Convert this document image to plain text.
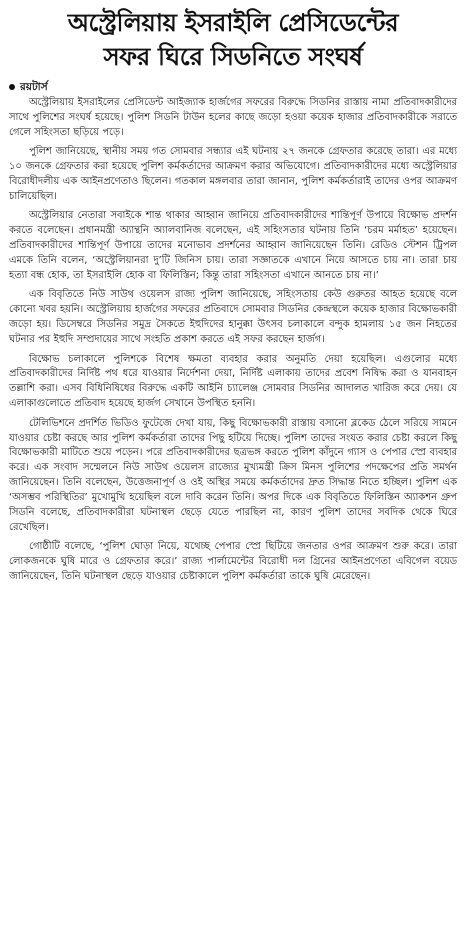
অস্ট্রেলিয়ায় ইসরাইলি প্রেসিডেন্টের
সফর ঘিরে সিডনিতে সংঘর্ষ
রয়টার্স

অস্ট্রেলিয়ায় ইসরাইলের প্রেসিডেন্ট আইজ্যাক হার্জগের সফরের বিরুদ্ধে সিডনির রাস্তায় নামা প্রতিবাদকারীদের সাথে পুলিশের সংঘর্ষ হয়েছে। পুলিশ সিডনি টাউন হলের কাছে জড়ো হওয়া কয়েক হাজার প্রতিবাদকারীকে সরাতে গেলে সহিংসতা ছড়িয়ে পড়ে।

পুলিশ জানিয়েছে, স্থানীয় সময় গত সোমবার সন্ধ্যার এই ঘটনায় ২৭ জনকে গ্রেফতার করেছে তারা। এর মধ্যে ১০ জনকে গ্রেফতার করা হয়েছে পুলিশ কর্মকর্তাদের আক্রমণ করার অভিযোগে। প্রতিবাদকারীদের মধ্যে অস্ট্রেলিয়ার বিরোধীদলীয় এক আইনপ্রণেতাও ছিলেন। গতকাল মঙ্গলবার তারা জানান, পুলিশ কর্মকর্তারাই তাদের ওপর আক্রমণ চালিয়েছিল।

অস্ট্রেলিয়ার নেতারা সবাইকে শান্ত থাকার আহ্বান জানিয়ে প্রতিবাদকারীদের শান্তিপূর্ণ উপায়ে বিক্ষোভ প্রদর্শন করতে বলেছেন। প্রধানমন্ত্রী অ্যান্থনি অ্যালবানিজ বলেছেন, এই সহিংসতার ঘটনায় তিনি ‘চরম মর্মাহত’ হয়েছেন। প্রতিবাদকারীদের শান্তিপূর্ণ উপায়ে তাদের মনোভাব প্রদর্শনের আহ্বান জানিয়েছেন তিনি। রেডিও স্টেশন ট্রিপল এমকে তিনি বলেন, ‘অস্ট্রেলিয়ানরা দু’টি জিনিস চায়। তারা সজ্ঞাতকে এখানে নিয়ে আসতে চায় না। তারা চায় হত্যা বন্ধ হোক, তা ইসরাইলি হোক বা ফিলিস্তিন; কিন্তু তারা সহিংসতা এখানে আনতে চায় না।’

এক বিবৃতিতে নিউ সাউথ ওয়েলস রাজ্য পুলিশ জানিয়েছে, সহিংসতায় কেউ গুরুতর আহত হয়েছে বলে কোনো খবর হয়নি। অস্ট্রেলিয়ায় হার্জগের সফরের প্রতিবাদে সোমবার সিডনির কেন্দ্রস্থলে কয়েক হাজার বিক্ষোভকারী জড়ো হয়। ডিসেম্বরে সিডনির সমুদ্র সৈকতে ইহুদিদের হানুক্কা উৎসব চলাকালে বন্দুক হামলায় ১৫ জন নিহতের ঘটনার পর ইহুদি সম্প্রদায়ের সাথে সংহতি প্রকাশ করতে এই সফর করছেন হার্জগ।

বিক্ষোভ চলাকালে পুলিশকে বিশেষ ক্ষমতা ব্যবহার করার অনুমতি দেয়া হয়েছিল। এগুলোর মধ্যে প্রতিবাদকারীদের নির্দিষ্ট পথ ধরে যাওয়ার নির্দেশনা দেয়া, নির্দিষ্ট এলাকায় তাদের প্রবেশ নিষিদ্ধ করা ও যানবাহন তল্লাশি করা। এসব বিধিনিষিধের বিরুদ্ধে একটি আইনি চ্যালেঞ্জ সোমবার সিডনির আদালত খারিজ করে দেয়। যে এলাকাগুলোতে প্রতিবাদ হয়েছে হার্জগ সেখানে উপস্থিত হননি।

টেলিভিশনে প্রদর্শিত ভিডিও ফুটেজে দেখা যায়, কিছু বিক্ষোভকারী রাস্তায় বসানো ব্লকেড ঠেলে সরিয়ে সামনে যাওয়ার চেষ্টা করছে আর পুলিশ কর্মকর্তারা তাদের পিছু হটিয়ে দিচ্ছে। পুলিশ তাদের সংযত করার চেষ্টা করলে কিছু বিক্ষোভকারী মাটিতে শুয়ে পড়েন। পরে প্রতিবাদকারীদের ছত্রভঙ্গ করতে পুলিশ কাঁদুনে গ্যাস ও পেপার স্প্রে ব্যবহার করে। এক সংবাদ সম্মেলনে নিউ সাউথ ওয়েলস রাজ্যের মুখ্যমন্ত্রী ক্রিস মিনস পুলিশের পদক্ষেপের প্রতি সমর্থন জানিয়েছেন। তিনি বলেছেন, উত্তেজনাপূর্ণ ও ওই অস্থির সময়ে কর্মকর্তাদের দ্রুত সিদ্ধান্ত নিতে হচ্ছিল। পুলিশ এক ‘অসম্ভব পরিস্থিতির’ মুখোমুখি হয়েছিল বলে দাবি করেন তিনি। অপর দিকে এক বিবৃতিতে ফিলিস্তিন অ্যাকশন গ্রুপ সিডনি বলেছে, প্রতিবাদকারীরা ঘটনাস্থল ছেড়ে যেতে পারছিল না, কারণ পুলিশ তাদের সবদিক থেকে ঘিরে রেখেছিল।

গোষ্ঠীটি বলেছে, ‘পুলিশ ঘোড়া নিয়ে, যথেচ্ছ পেপার স্প্রে ছিটিয়ে জনতার ওপর আক্রমণ শুরু করে। তারা লোকজনকে ঘুষি মারে ও গ্রেফতার করে।’ রাজ্য পার্লামেন্টের বিরোধী দল গ্রিনের আইনপ্রণেতা এবিগেল বয়েড জানিয়েছেন, তিনি ঘটনাস্থল ছেড়ে যাওয়ার চেষ্টাকালে পুলিশ কর্মকর্তারা তাকে ঘুষি মেরেছেন।
